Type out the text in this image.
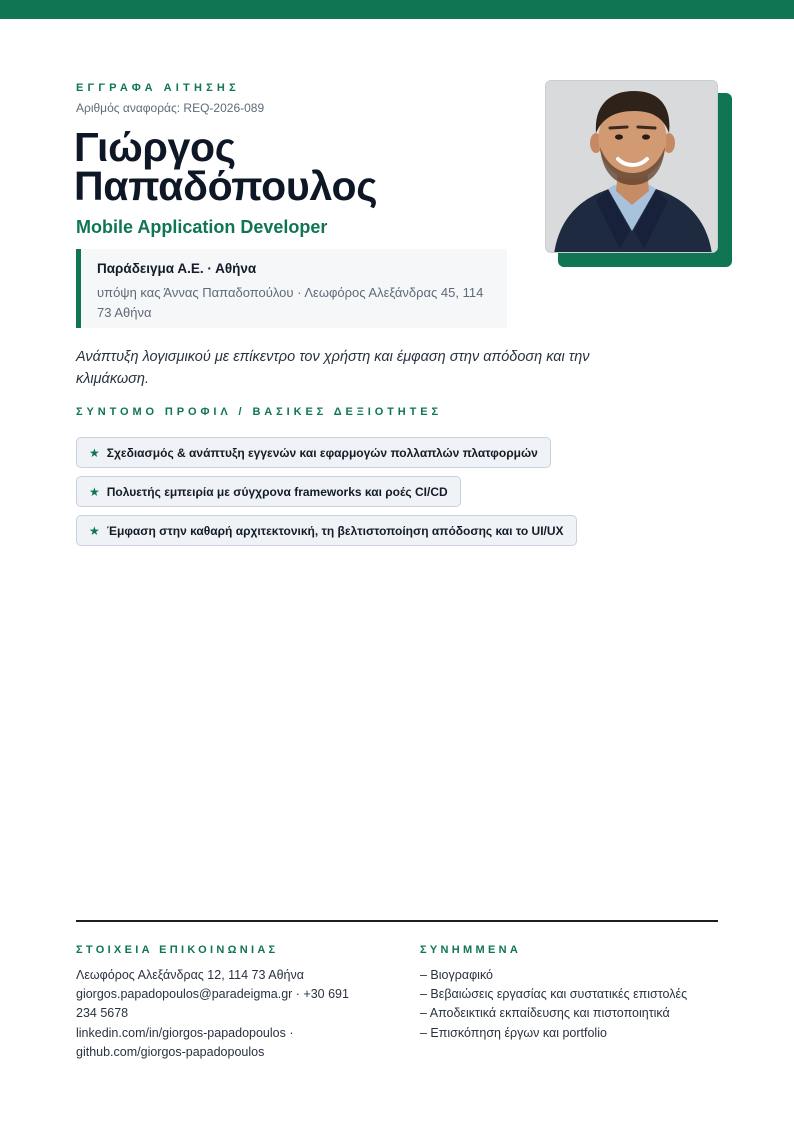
ΕΓΓΡΑΦΑ ΑΙΤΗΣΗΣ
Αριθμός αναφοράς: REQ-2026-089
Γιώργος
Παπαδόπουλος
Mobile Application Developer
Παράδειγμα Α.Ε. · Αθήνα
υπόψη κας Άννας Παπαδοπούλου · Λεωφόρος Αλεξάνδρας 45, 114 73 Αθήνα
Ανάπτυξη λογισμικού με επίκεντρο τον χρήστη και έμφαση στην απόδοση και την κλιμάκωση.
ΣΥΝΤΟΜΟ ΠΡΟΦΙΛ / ΒΑΣΙΚΕΣ ΔΕΞΙΟΤΗΤΕΣ
★ Σχεδιασμός & ανάπτυξη εγγενών και εφαρμογών πολλαπλών πλατφορμών
★ Πολυετής εμπειρία με σύγχρονα frameworks και ροές CI/CD
★ Έμφαση στην καθαρή αρχιτεκτονική, τη βελτιστοποίηση απόδοσης και το UI/UX
ΣΤΟΙΧΕΙΑ ΕΠΙΚΟΙΝΩΝΙΑΣ
Λεωφόρος Αλεξάνδρας 12, 114 73 Αθήνα
giorgos.papadopoulos@paradeigma.gr · +30 691 234 5678
linkedin.com/in/giorgos-papadopoulos · github.com/giorgos-papadopoulos
ΣΥΝΗΜΜΕΝΑ
– Βιογραφικό
– Βεβαιώσεις εργασίας και συστατικές επιστολές
– Αποδεικτικά εκπαίδευσης και πιστοποιητικά
– Επισκόπηση έργων και portfolio
